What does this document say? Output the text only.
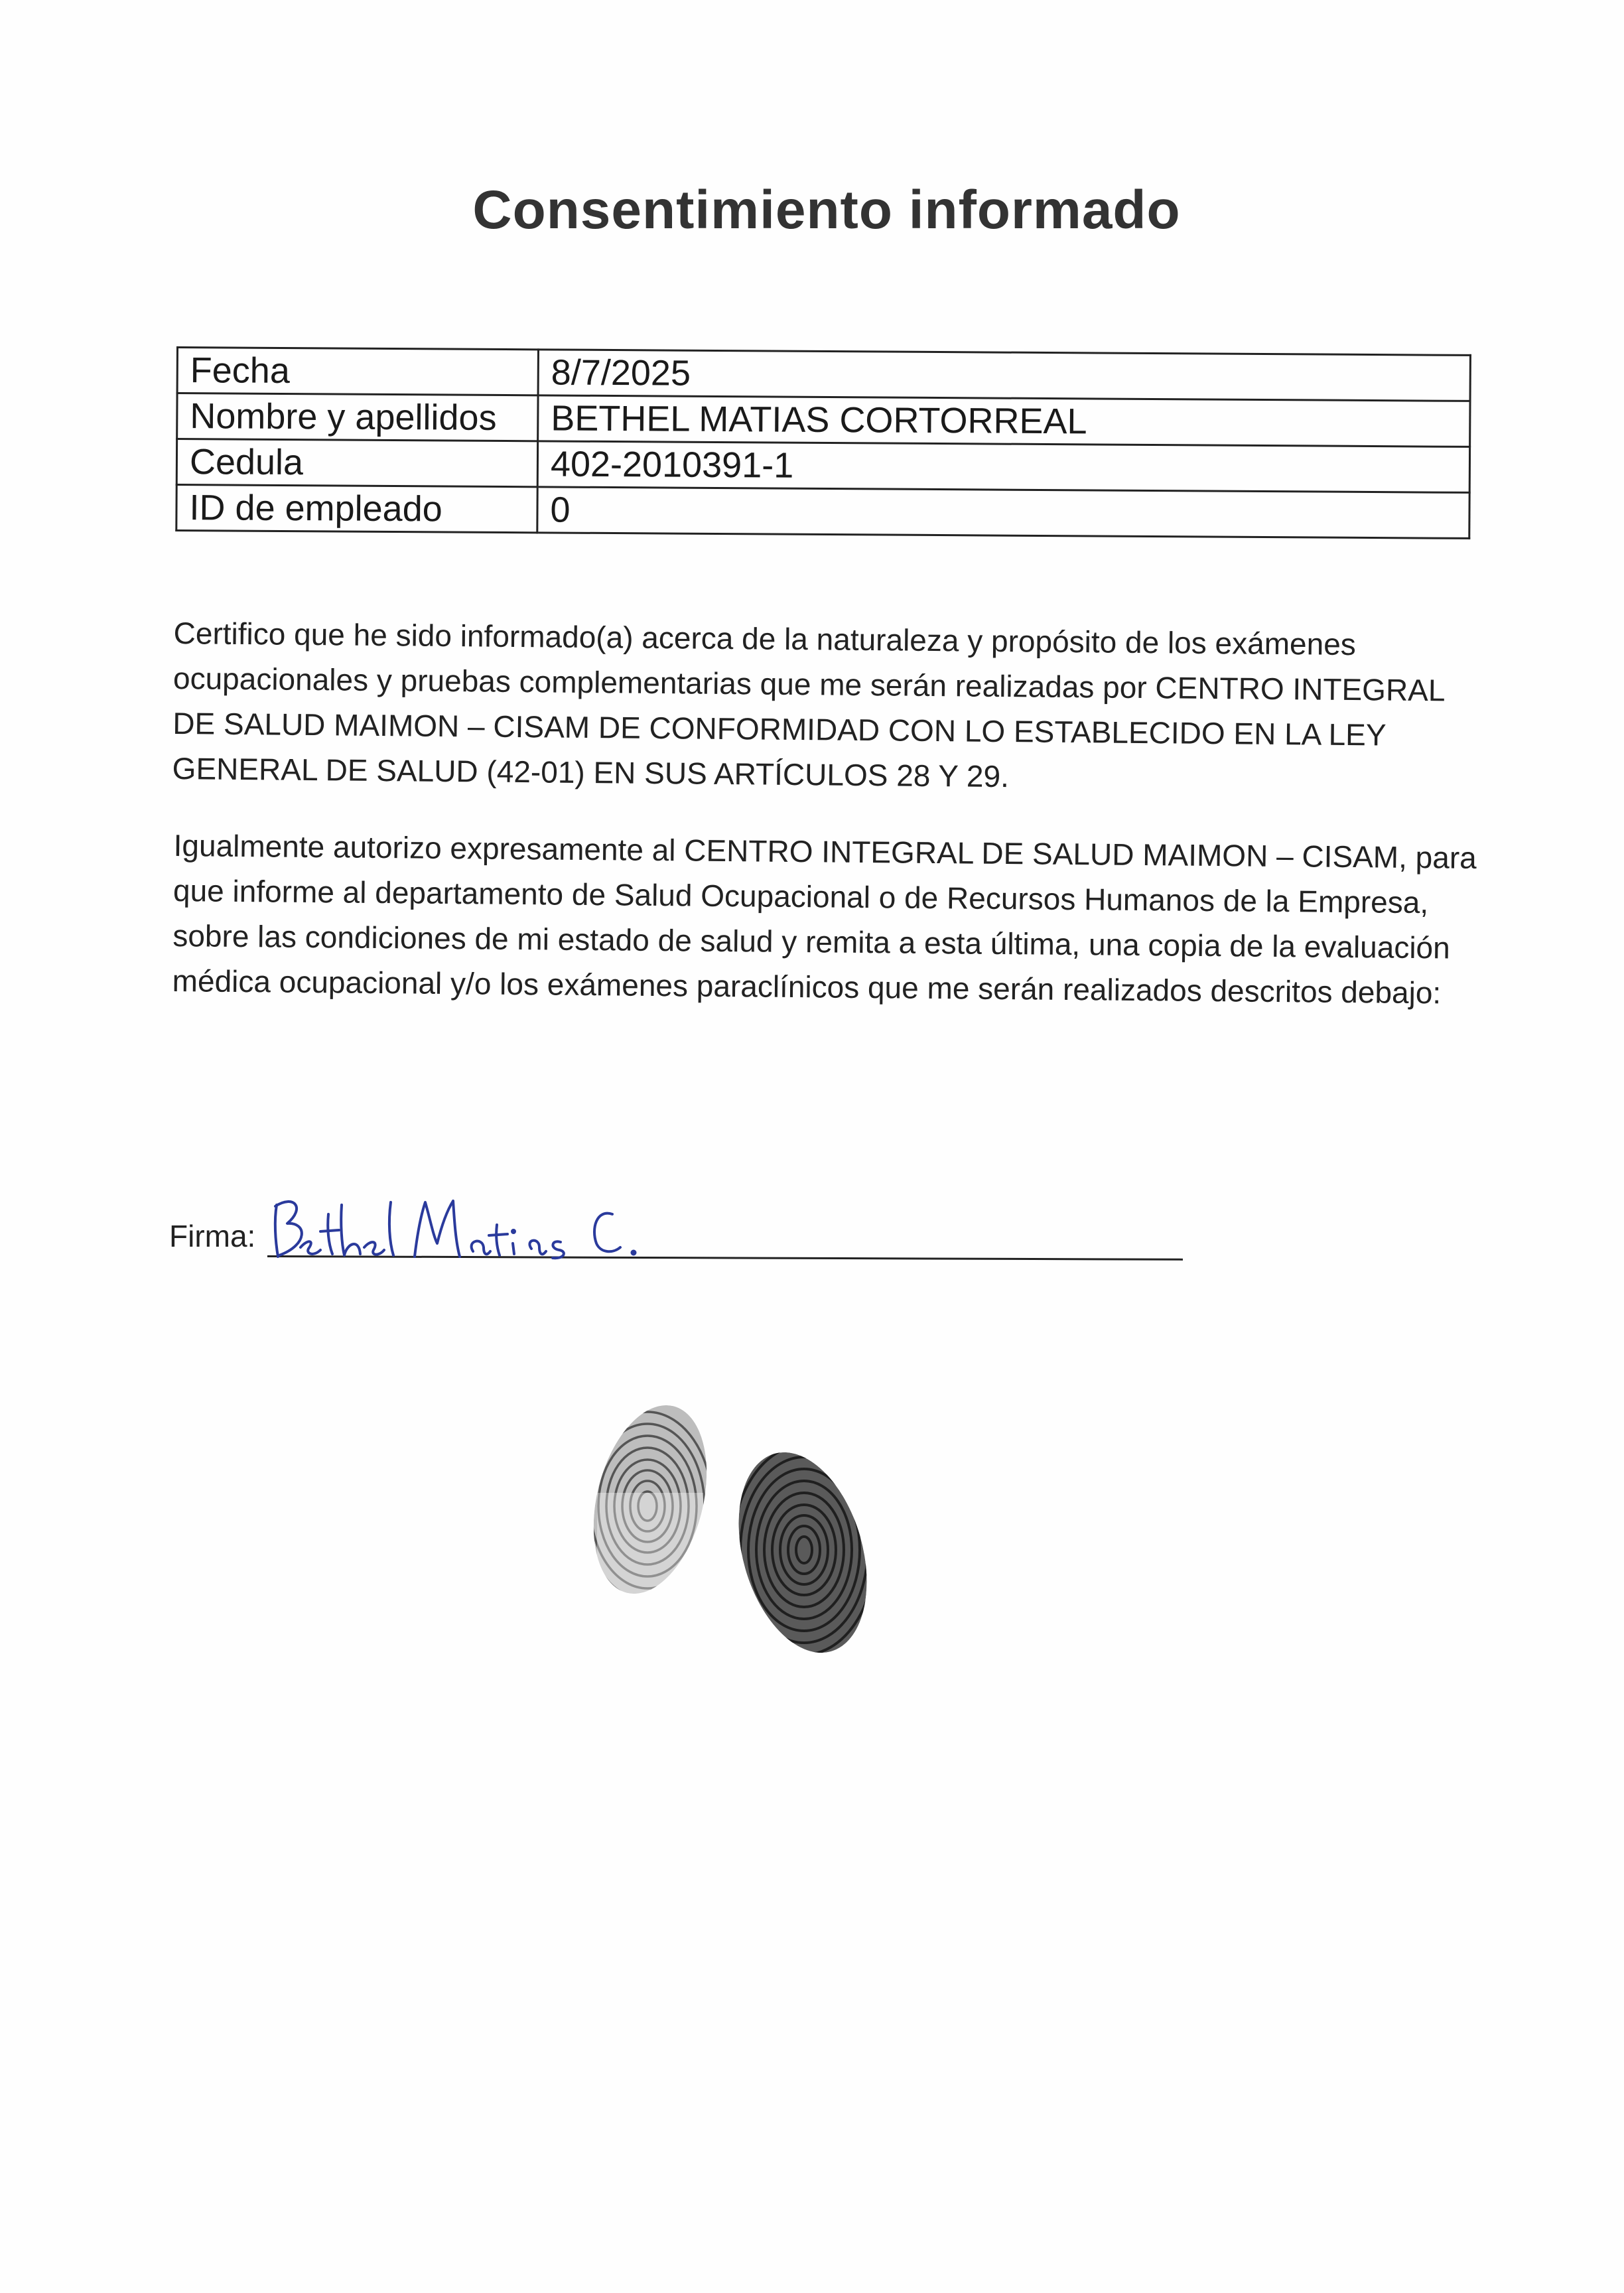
Consentimiento informado
Fecha	8/7/2025
Nombre y apellidos	BETHEL MATIAS CORTORREAL
Cedula	402-2010391-1
ID de empleado	0
Certifico que he sido informado(a) acerca de la naturaleza y propósito de los exámenes ocupacionales y pruebas complementarias que me serán realizadas por CENTRO INTEGRAL DE SALUD MAIMON – CISAM DE CONFORMIDAD CON LO ESTABLECIDO EN LA LEY GENERAL DE SALUD (42-01) EN SUS ARTÍCULOS 28 Y 29.
Igualmente autorizo expresamente al CENTRO INTEGRAL DE SALUD MAIMON – CISAM, para que informe al departamento de Salud Ocupacional o de Recursos Humanos de la Empresa, sobre las condiciones de mi estado de salud y remita a esta última, una copia de la evaluación médica ocupacional y/o los exámenes paraclínicos que me serán realizados descritos debajo:
Firma:
